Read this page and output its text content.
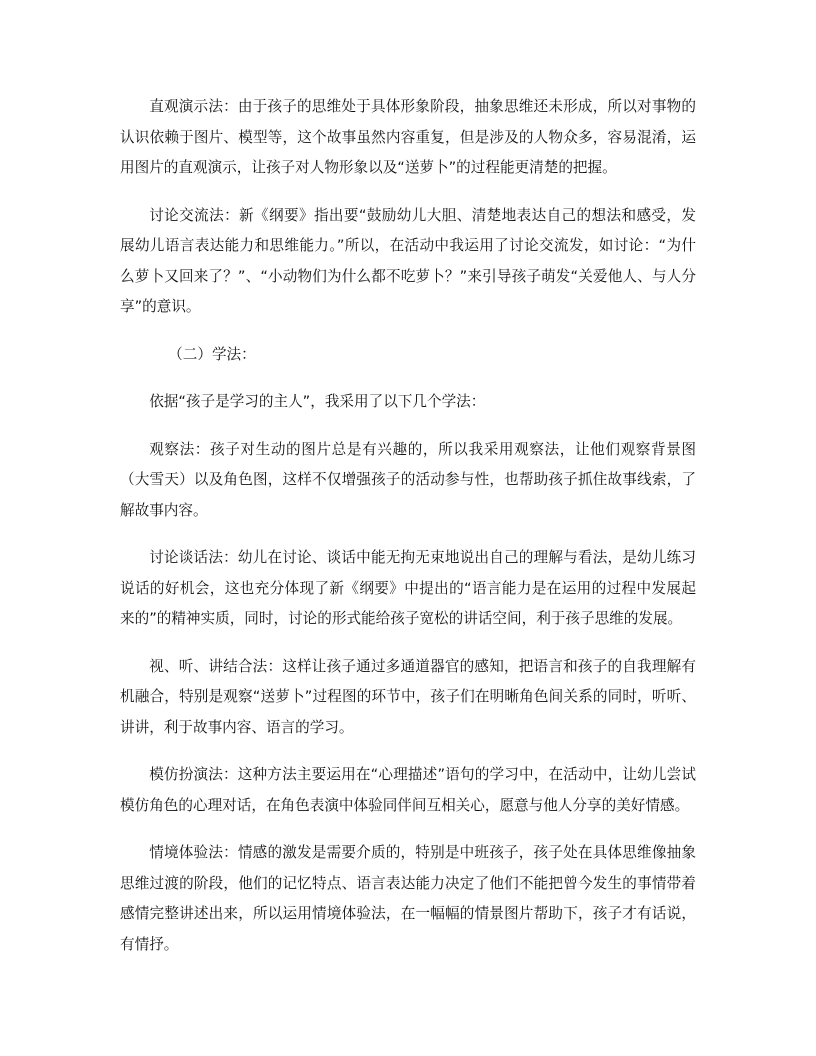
直观演示法：由于孩子的思维处于具体形象阶段，抽象思维还未形成，所以对事物的认识依赖于图片、模型等，这个故事虽然内容重复，但是涉及的人物众多，容易混淆，运用图片的直观演示，让孩子对人物形象以及“送萝卜”的过程能更清楚的把握。

讨论交流法：新《纲要》指出要“鼓励幼儿大胆、清楚地表达自己的想法和感受，发展幼儿语言表达能力和思维能力。”所以，在活动中我运用了讨论交流发，如讨论：“为什么萝卜又回来了？”、“小动物们为什么都不吃萝卜？”来引导孩子萌发“关爱他人、与人分享”的意识。

（二）学法：

依据“孩子是学习的主人”，我采用了以下几个学法：

观察法：孩子对生动的图片总是有兴趣的，所以我采用观察法，让他们观察背景图（大雪天）以及角色图，这样不仅增强孩子的活动参与性，也帮助孩子抓住故事线索，了解故事内容。

讨论谈话法：幼儿在讨论、谈话中能无拘无束地说出自己的理解与看法，是幼儿练习说话的好机会，这也充分体现了新《纲要》中提出的“语言能力是在运用的过程中发展起来的”的精神实质，同时，讨论的形式能给孩子宽松的讲话空间，利于孩子思维的发展。

视、听、讲结合法：这样让孩子通过多通道器官的感知，把语言和孩子的自我理解有机融合，特别是观察“送萝卜”过程图的环节中，孩子们在明晰角色间关系的同时，听听、讲讲，利于故事内容、语言的学习。

模仿扮演法：这种方法主要运用在“心理描述”语句的学习中，在活动中，让幼儿尝试模仿角色的心理对话，在角色表演中体验同伴间互相关心，愿意与他人分享的美好情感。

情境体验法：情感的激发是需要介质的，特别是中班孩子，孩子处在具体思维像抽象思维过渡的阶段，他们的记忆特点、语言表达能力决定了他们不能把曾今发生的事情带着感情完整讲述出来，所以运用情境体验法，在一幅幅的情景图片帮助下，孩子才有话说，有情抒。
